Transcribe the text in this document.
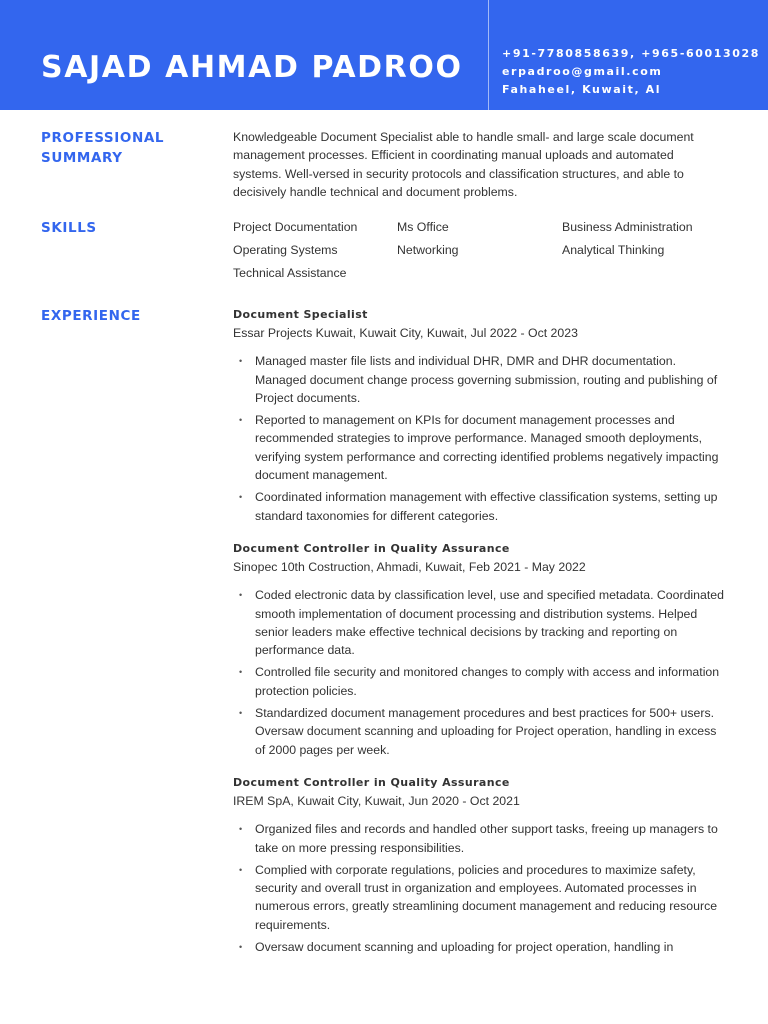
SAJAD AHMAD PADROO	+91-7780858639, +965-60013028
erpadroo@gmail.com
Fahaheel, Kuwait, Al
PROFESSIONAL
SUMMARY
Knowledgeable Document Specialist able to handle small- and large scale document management processes. Efficient in coordinating manual uploads and automated systems. Well-versed in security protocols and classification structures, and able to decisively handle technical and document problems.
SKILLS	Project Documentation	Ms Office	Business Administration
Operating Systems	Networking	Analytical Thinking
Technical Assistance
EXPERIENCE	Document Specialist
Essar Projects Kuwait, Kuwait City, Kuwait, Jul 2022 - Oct 2023
• Managed master file lists and individual DHR, DMR and DHR documentation. Managed document change process governing submission, routing and publishing of Project documents.
• Reported to management on KPIs for document management processes and recommended strategies to improve performance. Managed smooth deployments, verifying system performance and correcting identified problems negatively impacting document management.
• Coordinated information management with effective classification systems, setting up standard taxonomies for different categories.
Document Controller in Quality Assurance
Sinopec 10th Costruction, Ahmadi, Kuwait, Feb 2021 - May 2022
• Coded electronic data by classification level, use and specified metadata. Coordinated smooth implementation of document processing and distribution systems. Helped senior leaders make effective technical decisions by tracking and reporting on performance data.
• Controlled file security and monitored changes to comply with access and information protection policies.
• Standardized document management procedures and best practices for 500+ users. Oversaw document scanning and uploading for Project operation, handling in excess of 2000 pages per week.
Document Controller in Quality Assurance
IREM SpA, Kuwait City, Kuwait, Jun 2020 - Oct 2021
• Organized files and records and handled other support tasks, freeing up managers to take on more pressing responsibilities.
• Complied with corporate regulations, policies and procedures to maximize safety, security and overall trust in organization and employees. Automated processes in numerous errors, greatly streamlining document management and reducing resource requirements.
• Oversaw document scanning and uploading for project operation, handling in
